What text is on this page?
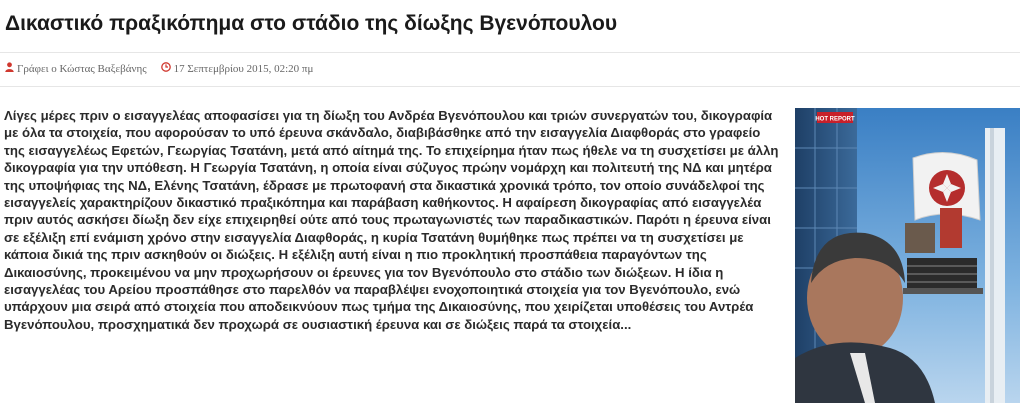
Δικαστικό πραξικόπημα στο στάδιο της δίωξης Βγενόπουλου
Γράφει ο Κώστας Βαξεβάνης 17 Σεπτεμβρίου 2015, 02:20 πμ

Λίγες μέρες πριν ο εισαγγελέας αποφασίσει για τη δίωξη του Ανδρέα Βγενόπουλου και τριών συνεργατών του, δικογραφία με όλα τα στοιχεία, που αφορούσαν το υπό έρευνα σκάνδαλο, διαβιβάσθηκε από την εισαγγελία Διαφθοράς στο γραφείο της εισαγγελέως Εφετών, Γεωργίας Τσατάνη, μετά από αίτημά της. Το επιχείρημα ήταν πως ήθελε να τη συσχετίσει με άλλη δικογραφία για την υπόθεση. Η Γεωργία Τσατάνη, η οποία είναι σύζυγος πρώην νομάρχη και πολιτευτή της ΝΔ και μητέρα της υποψήφιας της ΝΔ, Ελένης Τσατάνη, έδρασε με πρωτοφανή στα δικαστικά χρονικά τρόπο, τον οποίο συνάδελφοί της εισαγγελείς χαρακτηρίζουν δικαστικό πραξικόπημα και παράβαση καθήκοντος. Η αφαίρεση δικογραφίας από εισαγγελέα πριν αυτός ασκήσει δίωξη δεν είχε επιχειρηθεί ούτε από τους πρωταγωνιστές των παραδικαστικών. Παρότι η έρευνα είναι σε εξέλιξη επί ενάμιση χρόνο στην εισαγγελία Διαφθοράς, η κυρία Τσατάνη θυμήθηκε πως πρέπει να τη συσχετίσει με κάποια δικιά της πριν ασκηθούν οι διώξεις. Η εξέλιξη αυτή είναι η πιο προκλητική προσπάθεια παραγόντων της Δικαιοσύνης, προκειμένου να μην προχωρήσουν οι έρευνες για τον Βγενόπουλο στο στάδιο των διώξεων. Η ίδια η εισαγγελέας του Αρείου προσπάθησε στο παρελθόν να παραβλέψει ενοχοποιητικά στοιχεία για τον Βγενόπουλο, ενώ υπάρχουν μια σειρά από στοιχεία που αποδεικνύουν πως τμήμα της Δικαιοσύνης, που χειρίζεται υποθέσεις του Αντρέα Βγενόπουλου, προσχηματικά δεν προχωρά σε ουσιαστική έρευνα και σε διώξεις παρά τα στοιχεία...

HOT REPORT
